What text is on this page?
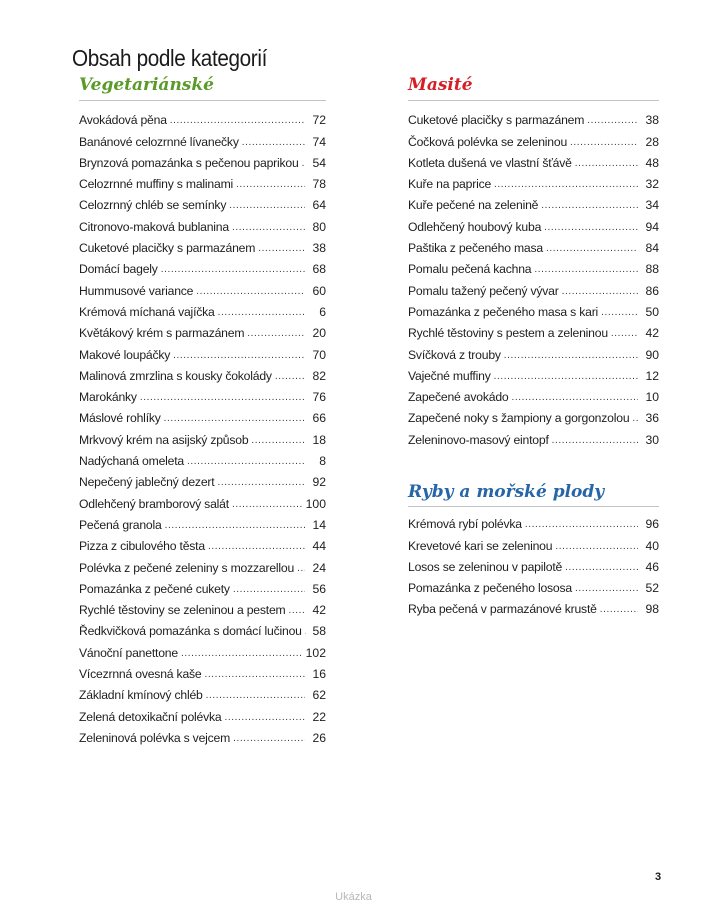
Obsah podle kategorií
Vegetariánské
Avokádová pěna .....	72
Banánové celozrnné lívanečky .....	74
Brynzová pomazánka s pečenou paprikou .....	54
Celozrnné muffiny s malinami .....	78
Celozrnný chléb se semínky .....	64
Citronovo-maková bublanina .....	80
Cuketové placičky s parmazánem .....	38
Domácí bagely .....	68
Hummusové variance .....	60
Krémová míchaná vajíčka .....	6
Květákový krém s parmazánem .....	20
Makové loupáčky .....	70
Malinová zmrzlina s kousky čokolády .....	82
Marokánky .....	76
Máslové rohlíky .....	66
Mrkvový krém na asijský způsob .....	18
Nadýchaná omeleta .....	8
Nepečený jablečný dezert .....	92
Odlehčený bramborový salát .....	100
Pečená granola .....	14
Pizza z cibulového těsta .....	44
Polévka z pečené zeleniny s mozzarellou .....	24
Pomazánka z pečené cukety .....	56
Rychlé těstoviny se zeleninou a pestem .....	42
Ředkvičková pomazánka s domácí lučinou ..... 58
Vánoční panettone .....	102
Vícezrnná ovesná kaše .....	16
Základní kmínový chléb .....	62
Zelená detoxikační polévka .....	22
Zeleninová polévka s vejcem .....	26
Masité
Cuketové placičky s parmazánem .....	38
Čočková polévka se zeleninou .....	28
Kotleta dušená ve vlastní šťávě .....	48
Kuře na paprice .....	32
Kuře pečené na zelenině .....	34
Odlehčený houbový kuba .....	94
Paštika z pečeného masa .....	84
Pomalu pečená kachna .....	88
Pomalu tažený pečený vývar .....	86
Pomazánka z pečeného masa s kari .....	50
Rychlé těstoviny s pestem a zeleninou .....	42
Svíčková z trouby .....	90
Vaječné muffiny .....	12
Zapečené avokádo .....	10
Zapečené noky s žampiony a gorgonzolou .....	36
Zeleninovo-masový eintopf .....	30
Ryby a mořské plody
Krémová rybí polévka .....	96
Krevetové kari se zeleninou .....	40
Losos se zeleninou v papilotě .....	46
Pomazánka z pečeného lososa .....	52
Ryba pečená v parmazánové krustě .....	98
3
Ukázka
